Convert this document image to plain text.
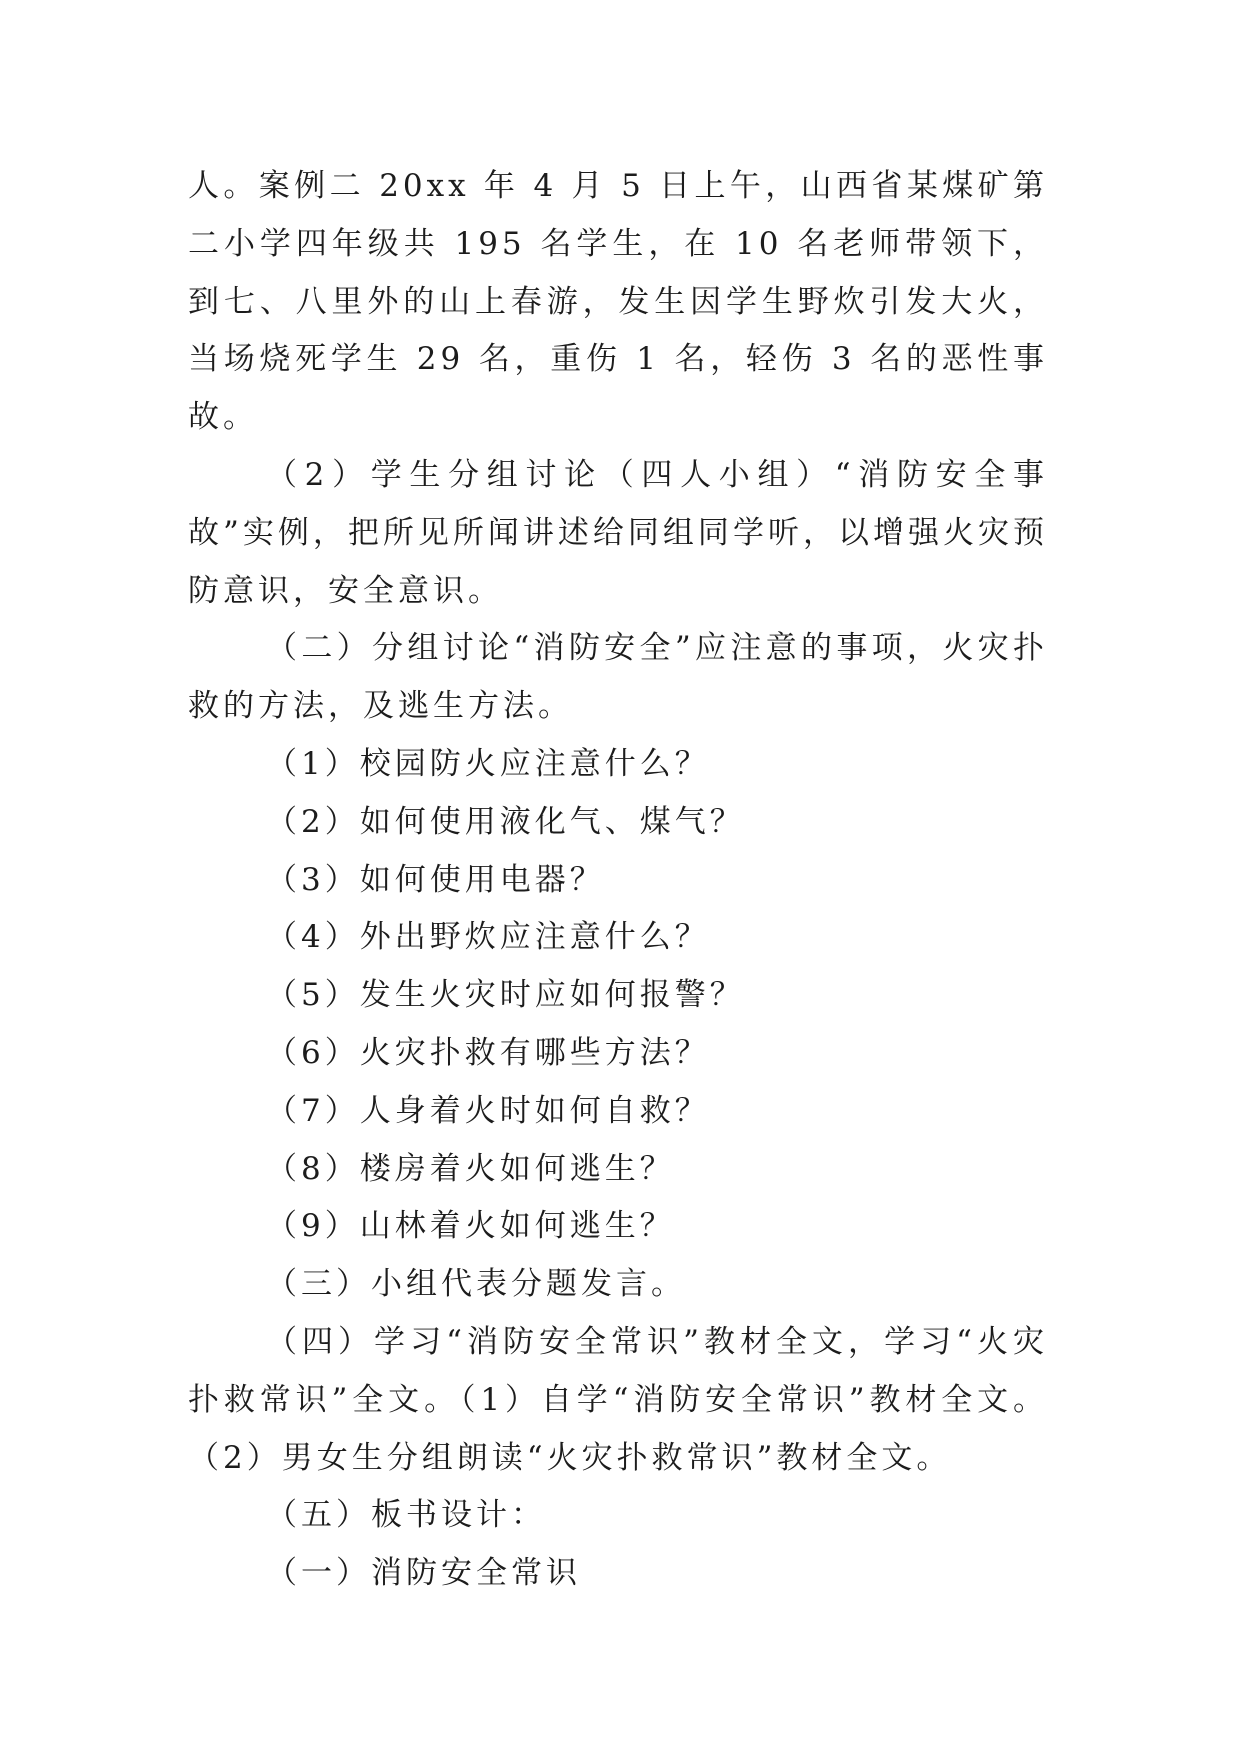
人。案例二 20xx 年 4 月 5 日上午，山西省某煤矿第二小学四年级共 195 名学生，在 10 名老师带领下，到七、八里外的山上春游，发生因学生野炊引发大火，当场烧死学生 29 名，重伤 1 名，轻伤 3 名的恶性事故。

（2）学生分组讨论（四人小组）“消防安全事故”实例，把所见所闻讲述给同组同学听，以增强火灾预防意识，安全意识。

（二）分组讨论“消防安全”应注意的事项，火灾扑救的方法，及逃生方法。

（1）校园防火应注意什么？

（2）如何使用液化气、煤气？

（3）如何使用电器？

（4）外出野炊应注意什么？

（5）发生火灾时应如何报警？

（6）火灾扑救有哪些方法？

（7）人身着火时如何自救？

（8）楼房着火如何逃生？

（9）山林着火如何逃生？

（三）小组代表分题发言。

（四）学习“消防安全常识”教材全文，学习“火灾扑救常识”全文。（1）自学“消防安全常识”教材全文。（2）男女生分组朗读“火灾扑救常识”教材全文。

（五）板书设计：

（一）消防安全常识
